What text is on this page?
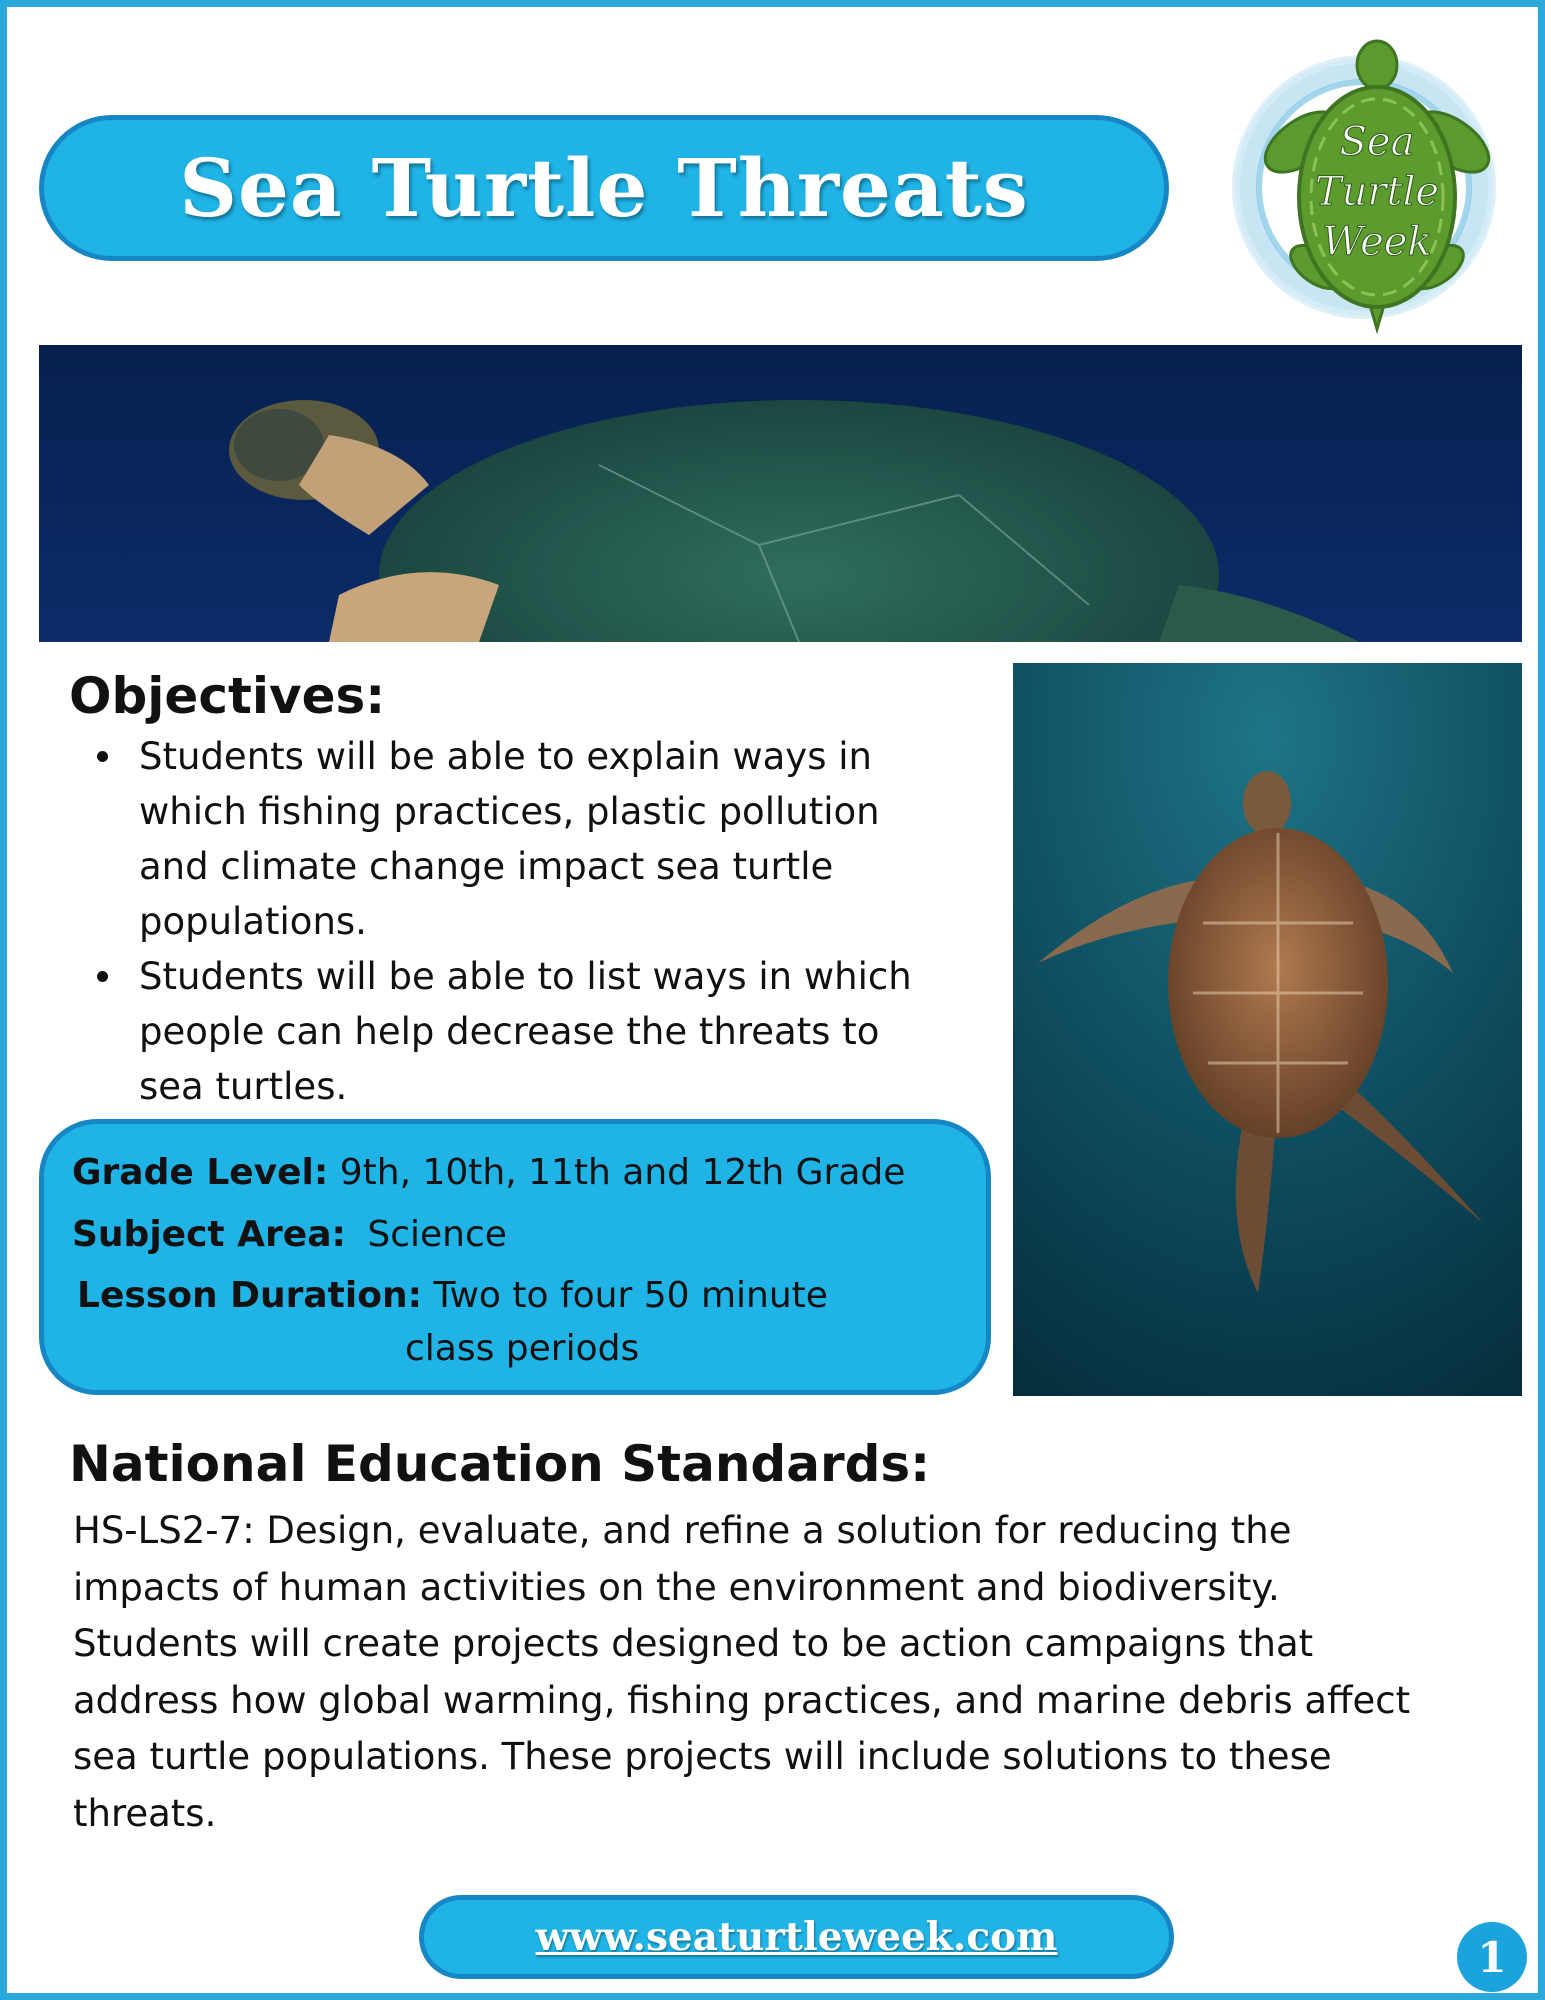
Sea Turtle Threats	Sea
Turtle
Week
Objectives:
Students will be able to explain ways in
which fishing practices, plastic pollution
and climate change impact sea turtle
populations.
Students will be able to list ways in which
people can help decrease the threats to
sea turtles.
Grade Level: 9th, 10th, 11th and 12th Grade
Subject Area: Science
Lesson Duration: Two to four 50 minute
class periods
National Education Standards:

HS-LS2-7: Design, evaluate, and refine a solution for reducing the
impacts of human activities on the environment and biodiversity.
Students will create projects designed to be action campaigns that
address how global warming, fishing practices, and marine debris affect
sea turtle populations. These projects will include solutions to these
threats.

www.seaturtleweek.com	1
